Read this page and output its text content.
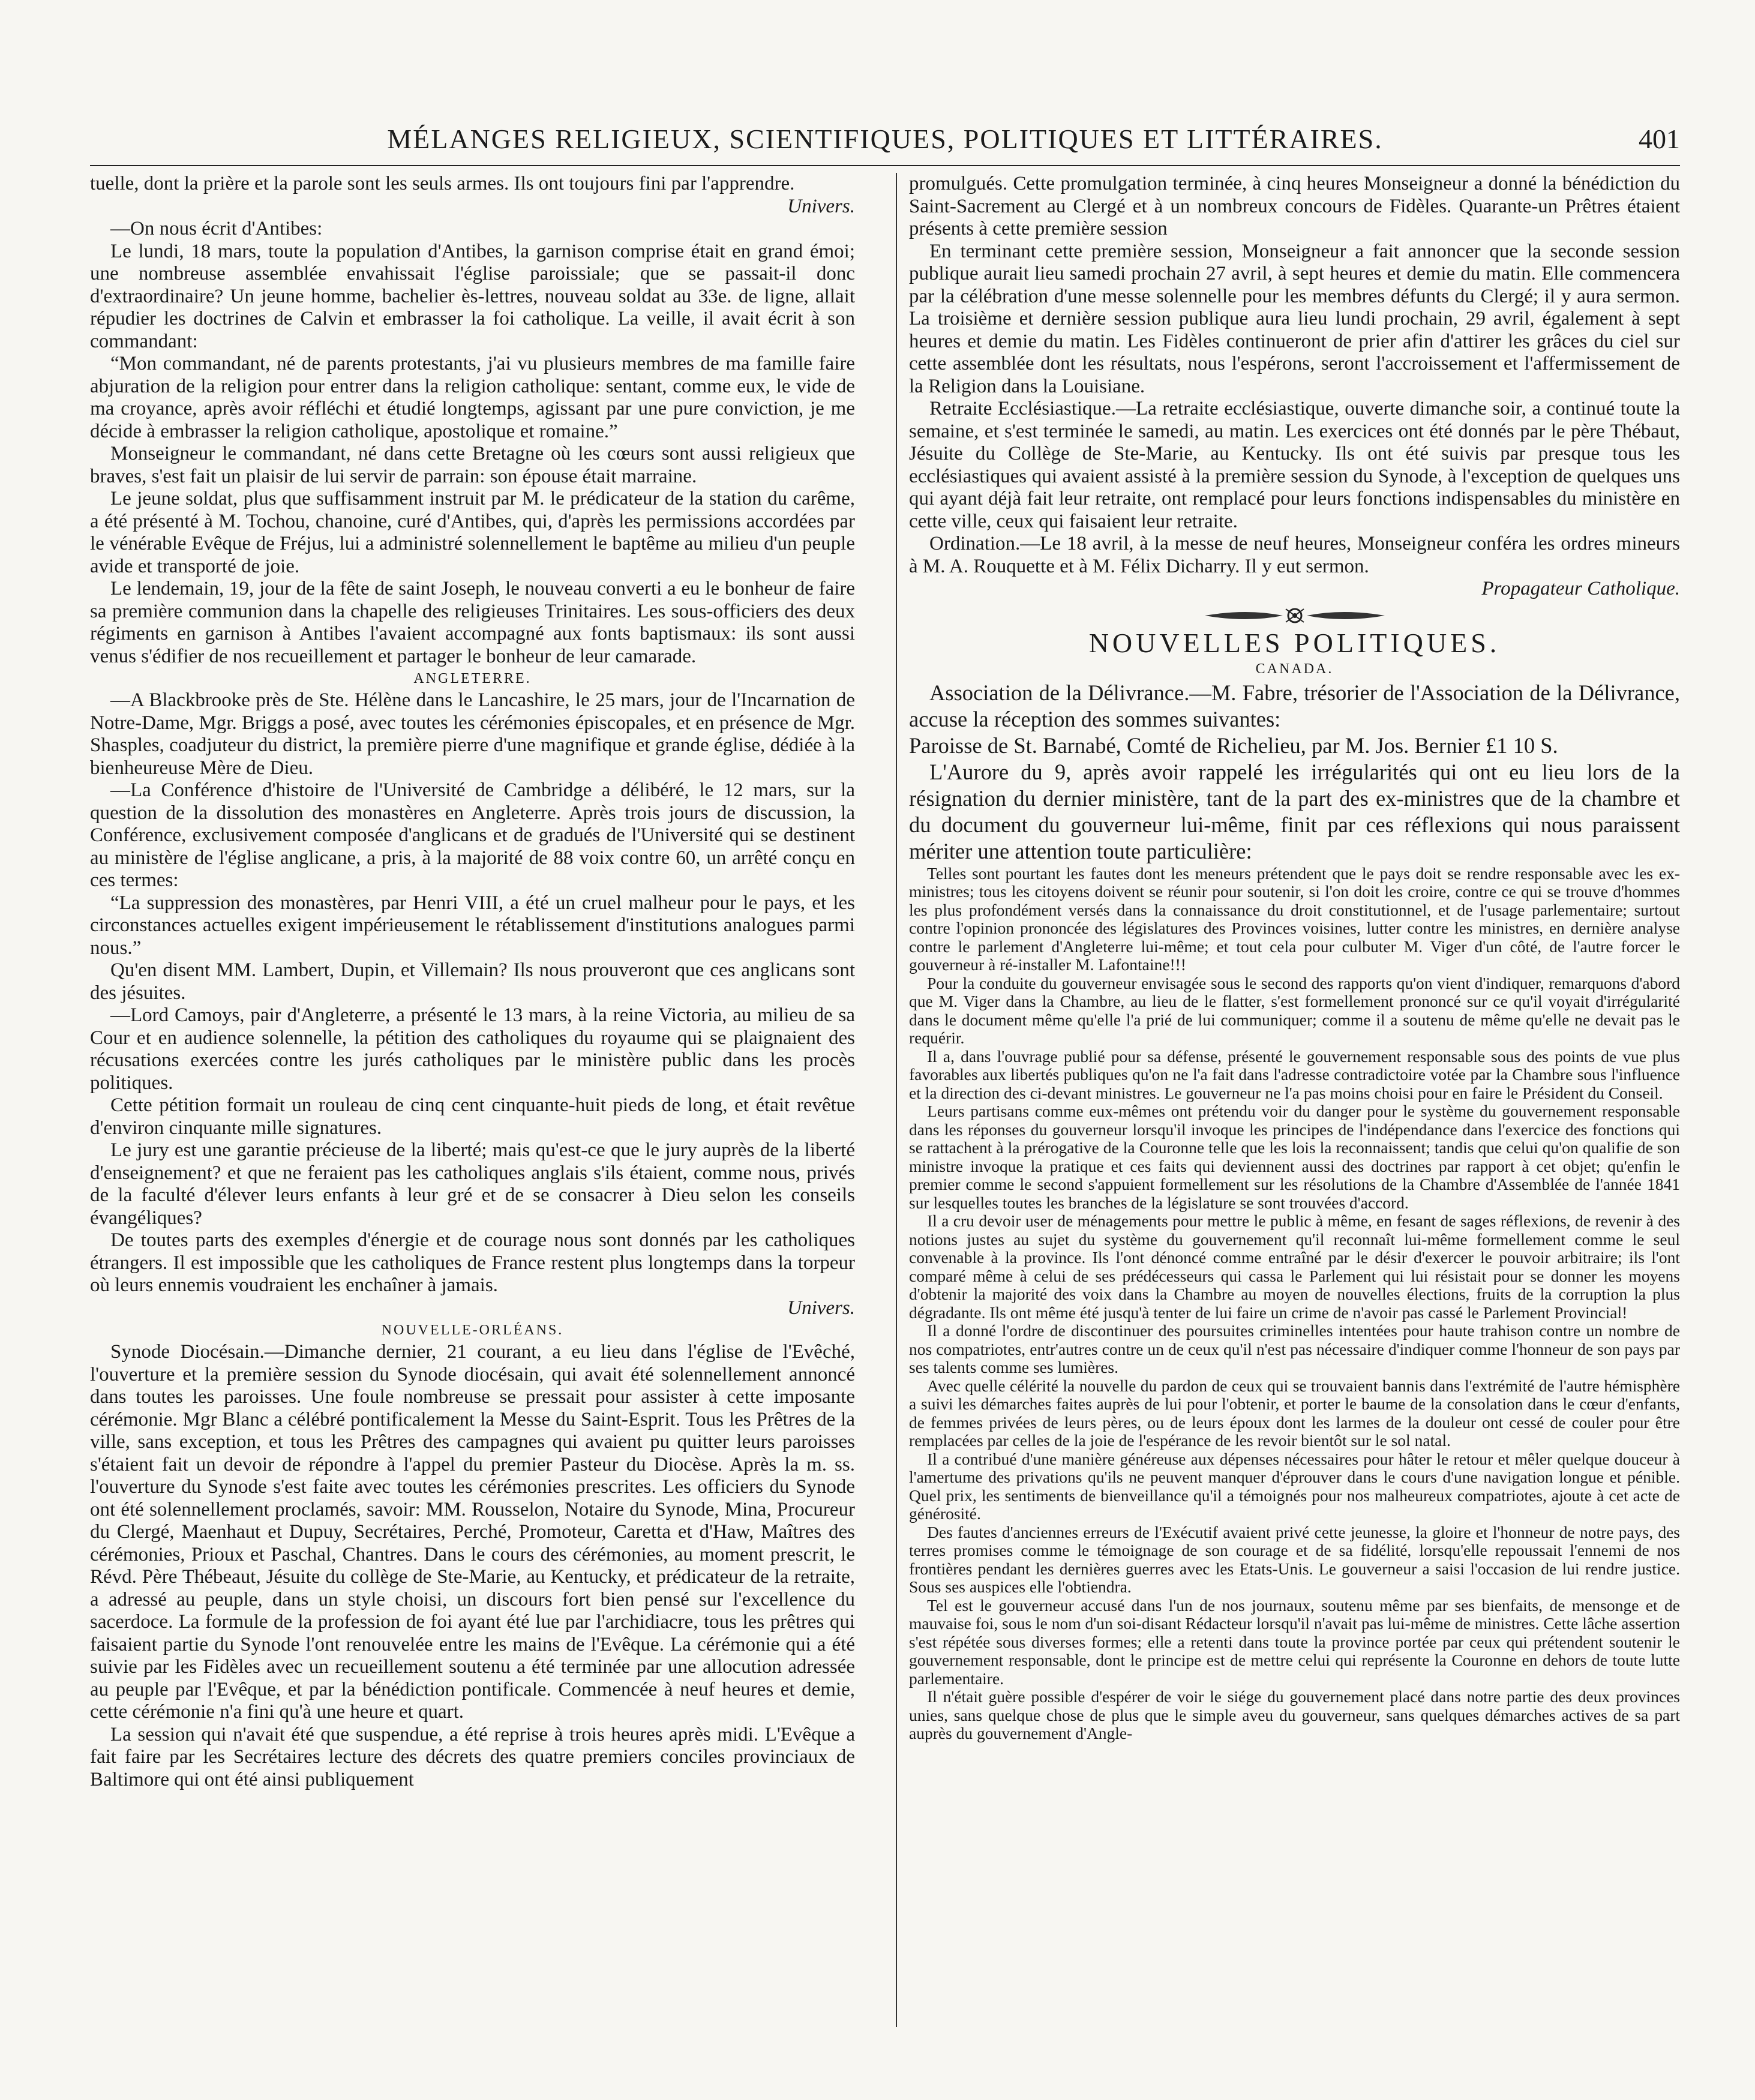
MÉLANGES RELIGIEUX, SCIENTIFIQUES, POLITIQUES ET LITTÉRAIRES.	401

tuelle, dont la prière et la parole sont les seuls armes. Ils ont toujours fini par l'apprendre.

Univers.

—On nous écrit d'Antibes:

Le lundi, 18 mars, toute la population d'Antibes, la garnison comprise était en grand émoi; une nombreuse assemblée envahissait l'église paroissiale; que se passait-il donc d'extraordinaire? Un jeune homme, bachelier ès-lettres, nouveau soldat au 33e. de ligne, allait répudier les doctrines de Calvin et embrasser la foi catholique. La veille, il avait écrit à son commandant:

“Mon commandant, né de parents protestants, j'ai vu plusieurs membres de ma famille faire abjuration de la religion pour entrer dans la religion catholique: sentant, comme eux, le vide de ma croyance, après avoir réfléchi et étudié longtemps, agissant par une pure conviction, je me décide à embrasser la religion catholique, apostolique et romaine.”

Monseigneur le commandant, né dans cette Bretagne où les cœurs sont aussi religieux que braves, s'est fait un plaisir de lui servir de parrain: son épouse était marraine.

Le jeune soldat, plus que suffisamment instruit par M. le prédicateur de la station du carême, a été présenté à M. Tochou, chanoine, curé d'Antibes, qui, d'après les permissions accordées par le vénérable Evêque de Fréjus, lui a administré solennellement le baptême au milieu d'un peuple avide et transporté de joie.

Le lendemain, 19, jour de la fête de saint Joseph, le nouveau converti a eu le bonheur de faire sa première communion dans la chapelle des religieuses Trinitaires. Les sous-officiers des deux régiments en garnison à Antibes l'avaient accompagné aux fonts baptismaux: ils sont aussi venus s'édifier de nos recueillement et partager le bonheur de leur camarade.

ANGLETERRE.

—A Blackbrooke près de Ste. Hélène dans le Lancashire, le 25 mars, jour de l'Incarnation de Notre-Dame, Mgr. Briggs a posé, avec toutes les cérémonies épiscopales, et en présence de Mgr. Shasples, coadjuteur du district, la première pierre d'une magnifique et grande église, dédiée à la bienheureuse Mère de Dieu.

—La Conférence d'histoire de l'Université de Cambridge a délibéré, le 12 mars, sur la question de la dissolution des monastères en Angleterre. Après trois jours de discussion, la Conférence, exclusivement composée d'anglicans et de gradués de l'Université qui se destinent au ministère de l'église anglicane, a pris, à la majorité de 88 voix contre 60, un arrêté conçu en ces termes:

“La suppression des monastères, par Henri VIII, a été un cruel malheur pour le pays, et les circonstances actuelles exigent impérieusement le rétablissement d'institutions analogues parmi nous.”

Qu'en disent MM. Lambert, Dupin, et Villemain? Ils nous prouveront que ces anglicans sont des jésuites.

—Lord Camoys, pair d'Angleterre, a présenté le 13 mars, à la reine Victoria, au milieu de sa Cour et en audience solennelle, la pétition des catholiques du royaume qui se plaignaient des récusations exercées contre les jurés catholiques par le ministère public dans les procès politiques.

Cette pétition formait un rouleau de cinq cent cinquante-huit pieds de long, et était revêtue d'environ cinquante mille signatures.

Le jury est une garantie précieuse de la liberté; mais qu'est-ce que le jury auprès de la liberté d'enseignement? et que ne feraient pas les catholiques anglais s'ils étaient, comme nous, privés de la faculté d'élever leurs enfants à leur gré et de se consacrer à Dieu selon les conseils évangéliques?

De toutes parts des exemples d'énergie et de courage nous sont donnés par les catholiques étrangers. Il est impossible que les catholiques de France restent plus longtemps dans la torpeur où leurs ennemis voudraient les enchaîner à jamais.

Univers.
NOUVELLE-ORLÉANS.

Synode Diocésain.—Dimanche dernier, 21 courant, a eu lieu dans l'église de l'Evêché, l'ouverture et la première session du Synode diocésain, qui avait été solennellement annoncé dans toutes les paroisses. Une foule nombreuse se pressait pour assister à cette imposante cérémonie. Mgr Blanc a célébré pontificalement la Messe du Saint-Esprit. Tous les Prêtres de la ville, sans exception, et tous les Prêtres des campagnes qui avaient pu quitter leurs paroisses s'étaient fait un devoir de répondre à l'appel du premier Pasteur du Diocèse. Après la m. ss. l'ouverture du Synode s'est faite avec toutes les cérémonies prescrites. Les officiers du Synode ont été solennellement proclamés, savoir: MM. Rousselon, Notaire du Synode, Mina, Procureur du Clergé, Maenhaut et Dupuy, Secrétaires, Perché, Promoteur, Caretta et d'Haw, Maîtres des cérémonies, Prioux et Paschal, Chantres. Dans le cours des cérémonies, au moment prescrit, le Révd. Père Thébeaut, Jésuite du collège de Ste-Marie, au Kentucky, et prédicateur de la retraite, a adressé au peuple, dans un style choisi, un discours fort bien pensé sur l'excellence du sacerdoce. La formule de la profession de foi ayant été lue par l'archidiacre, tous les prêtres qui faisaient partie du Synode l'ont renouvelée entre les mains de l'Evêque. La cérémonie qui a été suivie par les Fidèles avec un recueillement soutenu a été terminée par une allocution adressée au peuple par l'Evêque, et par la bénédiction pontificale. Commencée à neuf heures et demie, cette cérémonie n'a fini qu'à une heure et quart.

La session qui n'avait été que suspendue, a été reprise à trois heures après midi. L'Evêque a fait faire par les Secrétaires lecture des décrets des quatre premiers conciles provinciaux de Baltimore qui ont été ainsi publiquement

promulgués. Cette promulgation terminée, à cinq heures Monseigneur a donné la bénédiction du Saint-Sacrement au Clergé et à un nombreux concours de Fidèles. Quarante-un Prêtres étaient présents à cette première session

En terminant cette première session, Monseigneur a fait annoncer que la seconde session publique aurait lieu samedi prochain 27 avril, à sept heures et demie du matin. Elle commencera par la célébration d'une messe solennelle pour les membres défunts du Clergé; il y aura sermon. La troisième et dernière session publique aura lieu lundi prochain, 29 avril, également à sept heures et demie du matin. Les Fidèles continueront de prier afin d'attirer les grâces du ciel sur cette assemblée dont les résultats, nous l'espérons, seront l'accroissement et l'affermissement de la Religion dans la Louisiane.

Retraite Ecclésiastique.—La retraite ecclésiastique, ouverte dimanche soir, a continué toute la semaine, et s'est terminée le samedi, au matin. Les exercices ont été donnés par le père Thébaut, Jésuite du Collège de Ste-Marie, au Kentucky. Ils ont été suivis par presque tous les ecclésiastiques qui avaient assisté à la première session du Synode, à l'exception de quelques uns qui ayant déjà fait leur retraite, ont remplacé pour leurs fonctions indispensables du ministère en cette ville, ceux qui faisaient leur retraite.

Ordination.—Le 18 avril, à la messe de neuf heures, Monseigneur conféra les ordres mineurs à M. A. Rouquette et à M. Félix Dicharry. Il y eut sermon.

Propagateur Catholique.
NOUVELLES POLITIQUES.
CANADA.

Association de la Délivrance.—M. Fabre, trésorier de l'Association de la Délivrance, accuse la réception des sommes suivantes:

Paroisse de St. Barnabé, Comté de Richelieu, par M. Jos. Bernier £1 10 S.

L'Aurore du 9, après avoir rappelé les irrégularités qui ont eu lieu lors de la résignation du dernier ministère, tant de la part des ex-ministres que de la chambre et du document du gouverneur lui-même, finit par ces réflexions qui nous paraissent mériter une attention toute particulière:

Telles sont pourtant les fautes dont les meneurs prétendent que le pays doit se rendre responsable avec les ex-ministres; tous les citoyens doivent se réunir pour soutenir, si l'on doit les croire, contre ce qui se trouve d'hommes les plus profondément versés dans la connaissance du droit constitutionnel, et de l'usage parlementaire; surtout contre l'opinion prononcée des législatures des Provinces voisines, lutter contre les ministres, en dernière analyse contre le parlement d'Angleterre lui-même; et tout cela pour culbuter M. Viger d'un côté, de l'autre forcer le gouverneur à ré-installer M. Lafontaine!!!

Pour la conduite du gouverneur envisagée sous le second des rapports qu'on vient d'indiquer, remarquons d'abord que M. Viger dans la Chambre, au lieu de le flatter, s'est formellement prononcé sur ce qu'il voyait d'irrégularité dans le document même qu'elle l'a prié de lui communiquer; comme il a soutenu de même qu'elle ne devait pas le requérir.

Il a, dans l'ouvrage publié pour sa défense, présenté le gouvernement responsable sous des points de vue plus favorables aux libertés publiques qu'on ne l'a fait dans l'adresse contradictoire votée par la Chambre sous l'influence et la direction des ci-devant ministres. Le gouverneur ne l'a pas moins choisi pour en faire le Président du Conseil.

Leurs partisans comme eux-mêmes ont prétendu voir du danger pour le système du gouvernement responsable dans les réponses du gouverneur lorsqu'il invoque les principes de l'indépendance dans l'exercice des fonctions qui se rattachent à la prérogative de la Couronne telle que les lois la reconnaissent; tandis que celui qu'on qualifie de son ministre invoque la pratique et ces faits qui deviennent aussi des doctrines par rapport à cet objet; qu'enfin le premier comme le second s'appuient formellement sur les résolutions de la Chambre d'Assemblée de l'année 1841 sur lesquelles toutes les branches de la législature se sont trouvées d'accord.

Il a cru devoir user de ménagements pour mettre le public à même, en fesant de sages réflexions, de revenir à des notions justes au sujet du système du gouvernement qu'il reconnaît lui-même formellement comme le seul convenable à la province. Ils l'ont dénoncé comme entraîné par le désir d'exercer le pouvoir arbitraire; ils l'ont comparé même à celui de ses prédécesseurs qui cassa le Parlement qui lui résistait pour se donner les moyens d'obtenir la majorité des voix dans la Chambre au moyen de nouvelles élections, fruits de la corruption la plus dégradante. Ils ont même été jusqu'à tenter de lui faire un crime de n'avoir pas cassé le Parlement Provincial!

Il a donné l'ordre de discontinuer des poursuites criminelles intentées pour haute trahison contre un nombre de nos compatriotes, entr'autres contre un de ceux qu'il n'est pas nécessaire d'indiquer comme l'honneur de son pays par ses talents comme ses lumières.

Avec quelle célérité la nouvelle du pardon de ceux qui se trouvaient bannis dans l'extrémité de l'autre hémisphère a suivi les démarches faites auprès de lui pour l'obtenir, et porter le baume de la consolation dans le cœur d'enfants, de femmes privées de leurs pères, ou de leurs époux dont les larmes de la douleur ont cessé de couler pour être remplacées par celles de la joie de l'espérance de les revoir bientôt sur le sol natal.

Il a contribué d'une manière généreuse aux dépenses nécessaires pour hâter le retour et mêler quelque douceur à l'amertume des privations qu'ils ne peuvent manquer d'éprouver dans le cours d'une navigation longue et pénible. Quel prix, les sentiments de bienveillance qu'il a témoignés pour nos malheureux compatriotes, ajoute à cet acte de générosité.

Des fautes d'anciennes erreurs de l'Exécutif avaient privé cette jeunesse, la gloire et l'honneur de notre pays, des terres promises comme le témoignage de son courage et de sa fidélité, lorsqu'elle repoussait l'ennemi de nos frontières pendant les dernières guerres avec les Etats-Unis. Le gouverneur a saisi l'occasion de lui rendre justice. Sous ses auspices elle l'obtiendra.

Tel est le gouverneur accusé dans l'un de nos journaux, soutenu même par ses bienfaits, de mensonge et de mauvaise foi, sous le nom d'un soi-disant Rédacteur lorsqu'il n'avait pas lui-même de ministres. Cette lâche assertion s'est répétée sous diverses formes; elle a retenti dans toute la province portée par ceux qui prétendent soutenir le gouvernement responsable, dont le principe est de mettre celui qui représente la Couronne en dehors de toute lutte parlementaire.

Il n'était guère possible d'espérer de voir le siége du gouvernement placé dans notre partie des deux provinces unies, sans quelque chose de plus que le simple aveu du gouverneur, sans quelques démarches actives de sa part auprès du gouvernement d'Angle-
